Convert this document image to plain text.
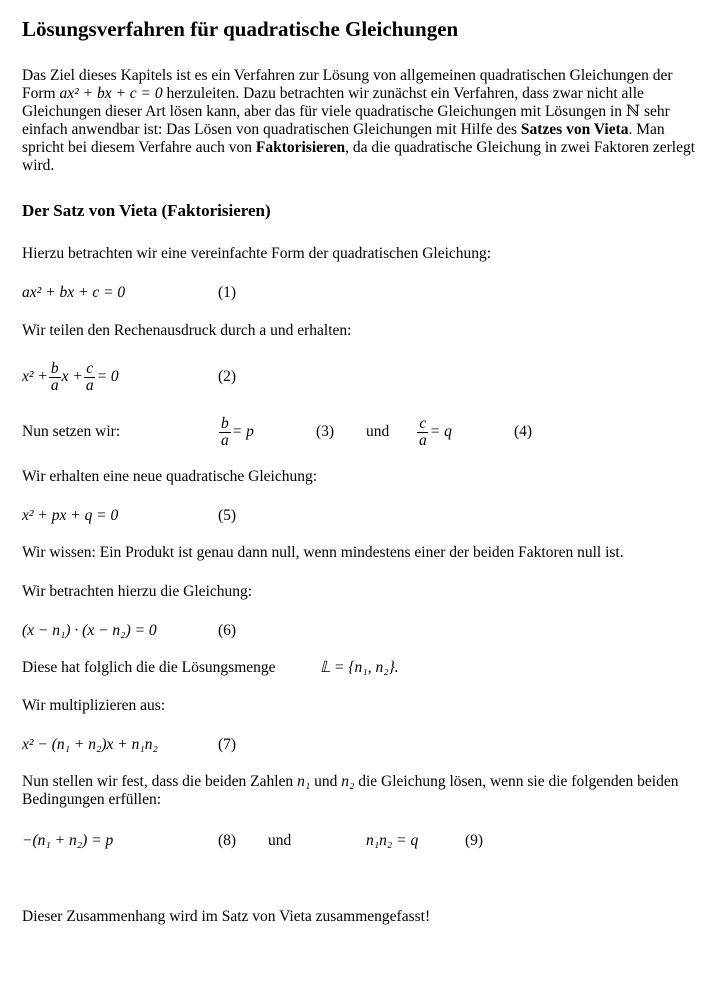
Lösungsverfahren für quadratische Gleichungen
Das Ziel dieses Kapitels ist es ein Verfahren zur Lösung von allgemeinen quadratischen Gleichungen der Form ax² + bx + c = 0 herzuleiten. Dazu betrachten wir zunächst ein Verfahren, dass zwar nicht alle Gleichungen dieser Art lösen kann, aber das für viele quadratische Gleichungen mit Lösungen in ℕ sehr einfach anwendbar ist: Das Lösen von quadratischen Gleichungen mit Hilfe des Satzes von Vieta. Man spricht bei diesem Verfahre auch von Faktorisieren, da die quadratische Gleichung in zwei Faktoren zerlegt wird.
Der Satz von Vieta (Faktorisieren)
Hierzu betrachten wir eine vereinfachte Form der quadratischen Gleichung:
ax² + bx + c = 0	(1)
Wir teilen den Rechenausdruck durch a und erhalten:
$x^2 + \frac{b}{a}$ $x + \frac{c}{a} = 0$	(2)
Nun setzen wir:	$\frac{b}{a} = p$	(3) und $\frac{c}{a} = q$	(4)
Wir erhalten eine neue quadratische Gleichung:
x² + px + q = 0	(5)
Wir wissen: Ein Produkt ist genau dann null, wenn mindestens einer der beiden Faktoren null ist.
Wir betrachten hierzu die Gleichung:
(x − n₁) · (x − n₂) = 0	(6)
Diese hat folglich die die Lösungsmenge	𝕃 = {n₁, n₂}.
Wir multiplizieren aus:
x² − (n₁ + n₂)x + n₁n₂	(7)
Nun stellen wir fest, dass die beiden Zahlen n₁ und n₂ die Gleichung lösen, wenn sie die folgenden beiden Bedingungen erfüllen:
−(n₁ + n₂) = p	(8) und	n₁n₂ = q	(9)
Dieser Zusammenhang wird im Satz von Vieta zusammengefasst!
